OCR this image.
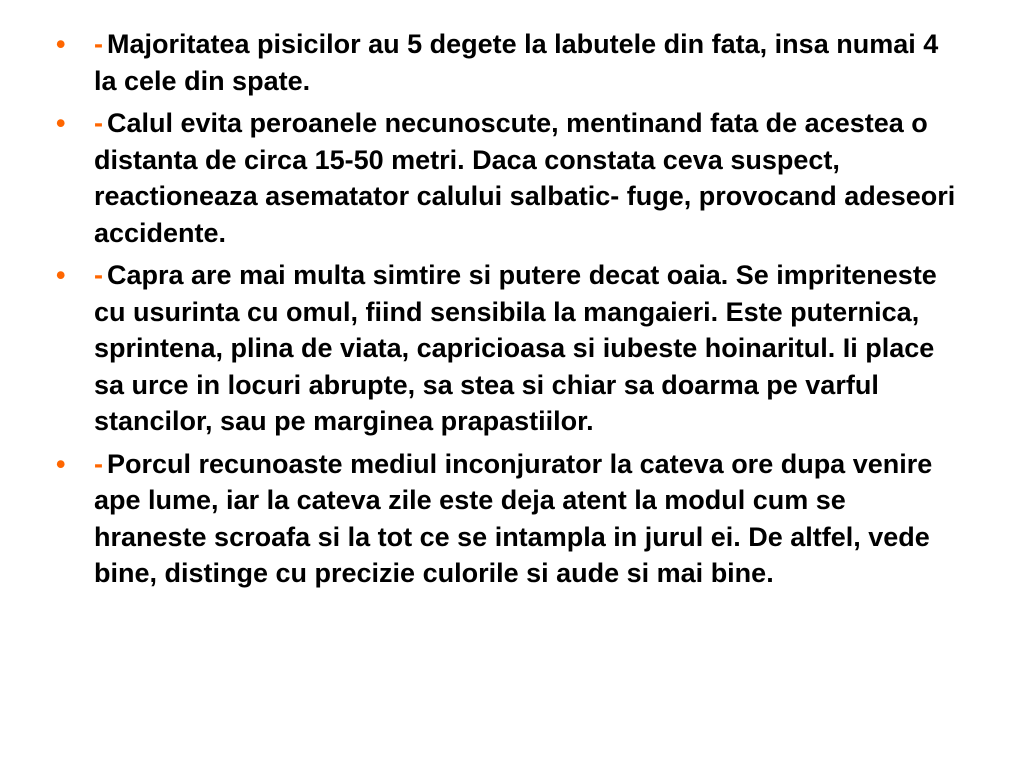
• - Majoritatea pisicilor au 5 degete la labutele din fata, insa numai 4 la cele din spate.
• - Calul evita peroanele necunoscute, mentinand fata de acestea o distanta de circa 15-50 metri. Daca constata ceva suspect, reactioneaza asematator calului salbatic- fuge, provocand adeseori accidente.
• - Capra are mai multa simtire si putere decat oaia. Se impriteneste cu usurinta cu omul, fiind sensibila la mangaieri. Este puternica, sprintena, plina de viata, capricioasa si iubeste hoinaritul. Ii place sa urce in locuri abrupte, sa stea si chiar sa doarma pe varful stancilor, sau pe marginea prapastiilor.
• - Porcul recunoaste mediul inconjurator la cateva ore dupa venire ape lume, iar la cateva zile este deja atent la modul cum se hraneste scroafa si la tot ce se intampla in jurul ei. De altfel, vede bine, distinge cu precizie culorile si aude si mai bine.
